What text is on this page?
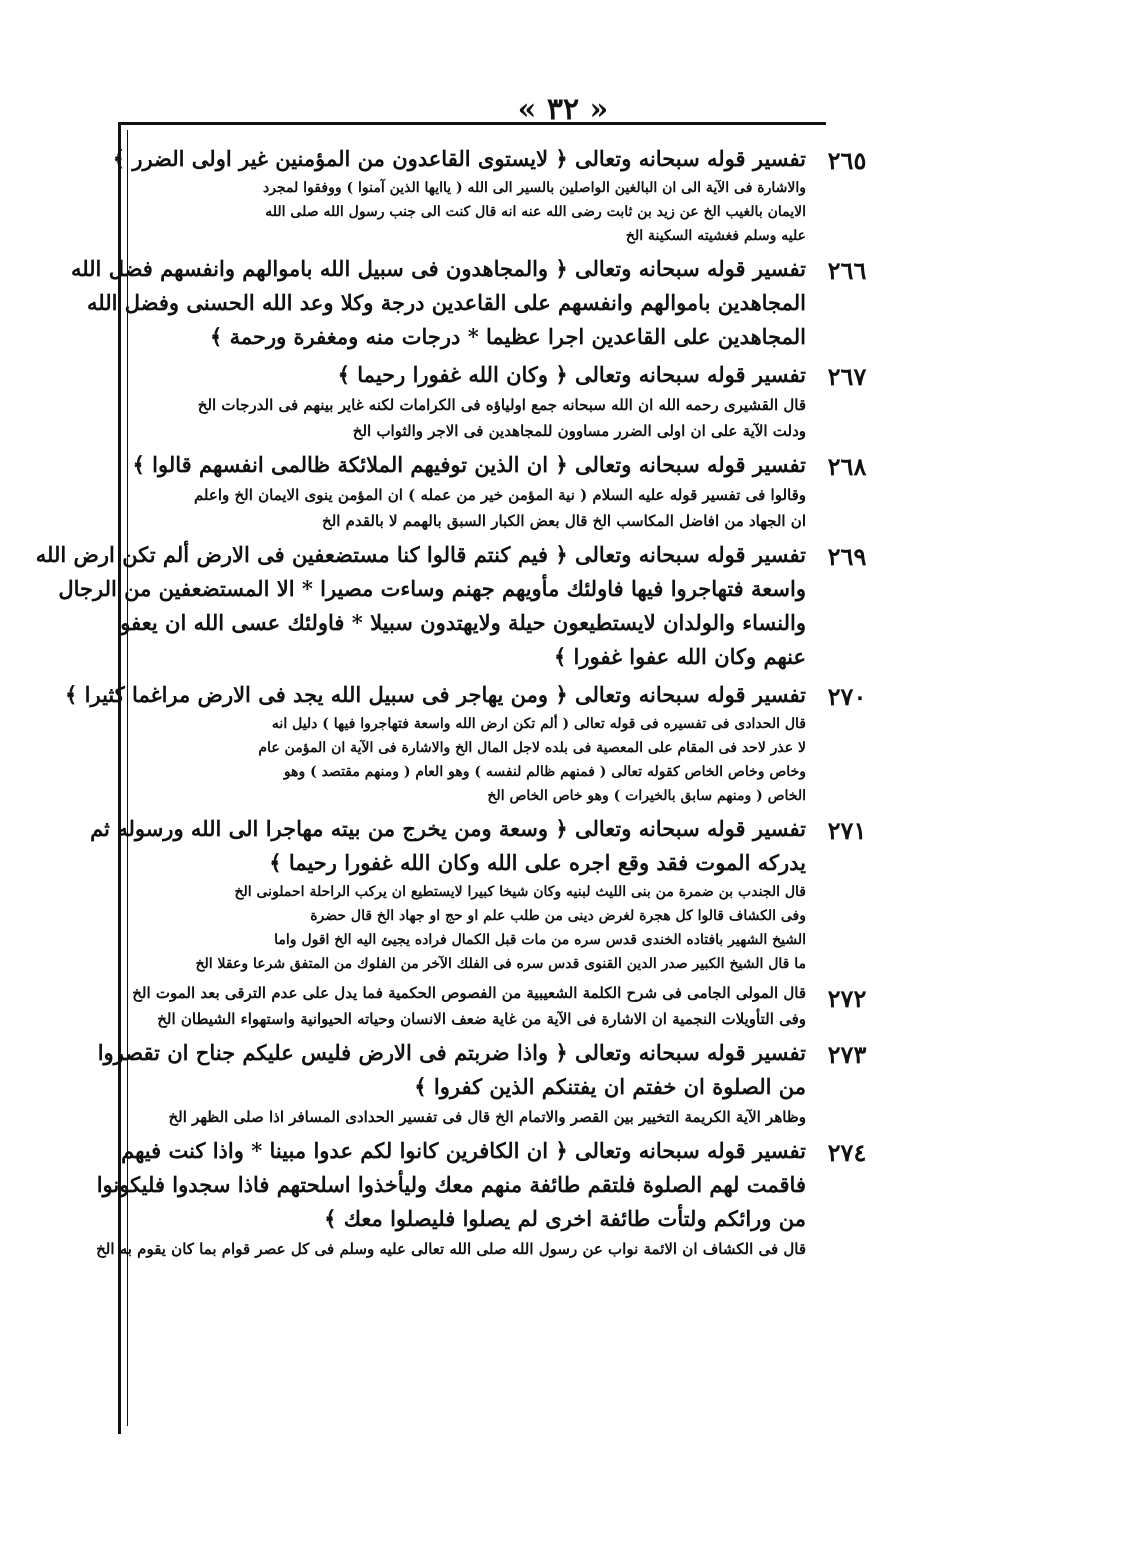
« ٣٢ »
٢٦٥
تفسير قوله سبحانه وتعالى ﴿ لايستوى القاعدون من المؤمنين غير اولى الضرر ﴾
والاشارة فى الآية الى ان البالغين الواصلين بالسير الى الله ( ياايها الذين آمنوا ) ووفقوا لمجرد
الايمان بالغيب الخ عن زيد بن ثابت رضى الله عنه انه قال كنت الى جنب رسول الله صلى الله
عليه وسلم فغشيته السكينة الخ
٢٦٦
تفسير قوله سبحانه وتعالى ﴿ والمجاهدون فى سبيل الله باموالهم وانفسهم فضل الله
المجاهدين باموالهم وانفسهم على القاعدين درجة وكلا وعد الله الحسنى وفضل الله
المجاهدين على القاعدين اجرا عظيما * درجات منه ومغفرة ورحمة ﴾
٢٦٧
تفسير قوله سبحانه وتعالى ﴿ وكان الله غفورا رحيما ﴾
قال القشيرى رحمه الله ان الله سبحانه جمع اولياؤه فى الكرامات لكنه غاير بينهم فى الدرجات الخ
ودلت الآية على ان اولى الضرر مساوون للمجاهدين فى الاجر والثواب الخ
٢٦٨
تفسير قوله سبحانه وتعالى ﴿ ان الذين توفيهم الملائكة ظالمى انفسهم قالوا ﴾
وقالوا فى تفسير قوله عليه السلام ( نية المؤمن خير من عمله ) ان المؤمن ينوى الايمان الخ واعلم
ان الجهاد من افاضل المكاسب الخ قال بعض الكبار السبق بالهمم لا بالقدم الخ
٢٦٩
تفسير قوله سبحانه وتعالى ﴿ فيم كنتم قالوا كنا مستضعفين فى الارض ألم تكن ارض الله
واسعة فتهاجروا فيها فاولئك مأويهم جهنم وساءت مصيرا * الا المستضعفين من الرجال
والنساء والولدان لايستطيعون حيلة ولايهتدون سبيلا * فاولئك عسى الله ان يعفو
عنهم وكان الله عفوا غفورا ﴾
٢٧٠
تفسير قوله سبحانه وتعالى ﴿ ومن يهاجر فى سبيل الله يجد فى الارض مراغما كثيرا ﴾
قال الحدادى فى تفسيره فى قوله تعالى ( ألم تكن ارض الله واسعة فتهاجروا فيها ) دليل انه
لا عذر لاحد فى المقام على المعصية فى بلده لاجل المال الخ والاشارة فى الآية ان المؤمن عام
وخاص وخاص الخاص كقوله تعالى ( فمنهم ظالم لنفسه ) وهو العام ( ومنهم مقتصد ) وهو
الخاص ( ومنهم سابق بالخيرات ) وهو خاص الخاص الخ
٢٧١
تفسير قوله سبحانه وتعالى ﴿ وسعة ومن يخرج من بيته مهاجرا الى الله ورسوله ثم
يدركه الموت فقد وقع اجره على الله وكان الله غفورا رحيما ﴾
قال الجندب بن ضمرة من بنى الليث لبنيه وكان شيخا كبيرا لايستطيع ان يركب الراحلة احملونى الخ
وفى الكشاف قالوا كل هجرة لغرض دينى من طلب علم او حج او جهاد الخ قال حضرة
الشيخ الشهير بافتاده الخندى قدس سره من مات قبل الكمال فراده يجيئ اليه الخ اقول واما
ما قال الشيخ الكبير صدر الدين القنوى قدس سره فى الفلك الآخر من الفلوك من المتفق شرعا وعقلا الخ
٢٧٢
قال المولى الجامى فى شرح الكلمة الشعيبية من الفصوص الحكمية فما يدل على عدم الترقى بعد الموت الخ
وفى التأويلات النجمية ان الاشارة فى الآية من غاية ضعف الانسان وحياته الحيوانية واستهواء الشيطان الخ
٢٧٣
تفسير قوله سبحانه وتعالى ﴿ واذا ضربتم فى الارض فليس عليكم جناح ان تقصروا
من الصلوة ان خفتم ان يفتنكم الذين كفروا ﴾
وظاهر الآية الكريمة التخيير بين القصر والاتمام الخ قال فى تفسير الحدادى المسافر اذا صلى الظهر الخ
٢٧٤
تفسير قوله سبحانه وتعالى ﴿ ان الكافرين كانوا لكم عدوا مبينا * واذا كنت فيهم
فاقمت لهم الصلوة فلتقم طائفة منهم معك وليأخذوا اسلحتهم فاذا سجدوا فليكونوا
من ورائكم ولتأت طائفة اخرى لم يصلوا فليصلوا معك ﴾
قال فى الكشاف ان الائمة نواب عن رسول الله صلى الله تعالى عليه وسلم فى كل عصر قوام بما كان يقوم به الخ
